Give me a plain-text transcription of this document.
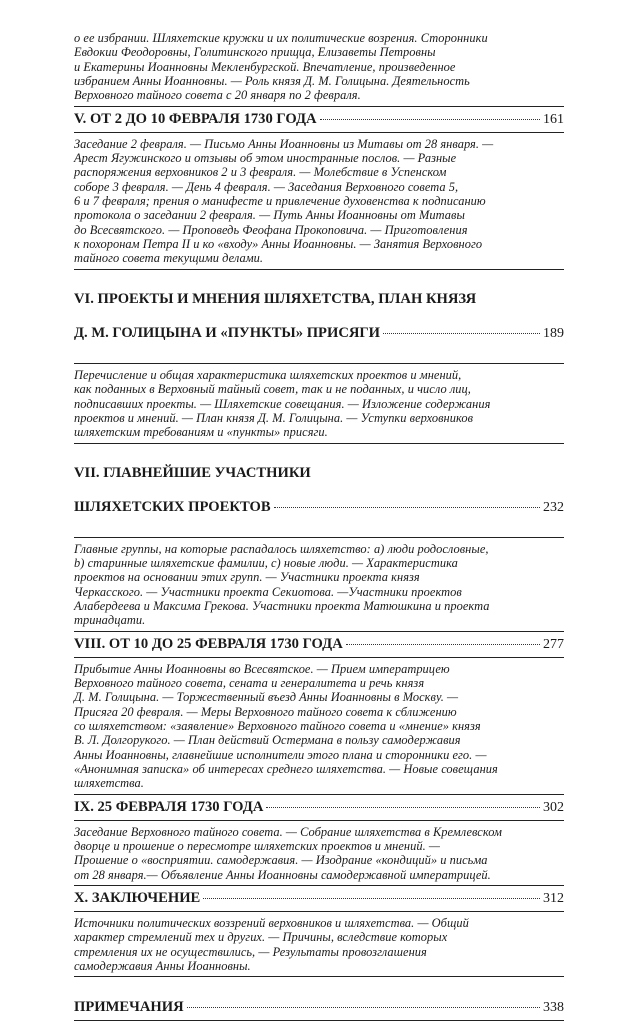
о ее избрании. Шляхетские кружки и их политические возрения. Сторонники
Евдокии Феодоровны, Голитинского прищца, Елизаветы Петровны
и Екатерины Иоанновны Мекленбургской. Впечатление, произведенное
избранием Анны Иоанновны. — Роль князя Д. М. Голицына. Деятельность
Верховного тайного совета с 20 января по 2 февраля.

V. ОТ 2 ДО 10 ФЕВРАЛЯ 1730 ГОДА	161

Заседание 2 февраля. — Письмо Анны Иоанновны из Митавы от 28 января. —
Арест Ягужинского и отзывы об этом иностранные послов. — Разные
распоряжения верховников 2 и 3 февраля. — Молебствие в Успенском
соборе 3 февраля. — День 4 февраля. — Заседания Верховного совета 5,
6 и 7 февраля; прения о манифесте и привлечение духовенства к подписанию
протокола о заседании 2 февраля. — Путь Анны Иоанновны от Митавы
до Всесвятского. — Проповедь Феофана Прокоповича. — Приготовления
к похоронам Петра II и ко «входу» Анны Иоанновны. — Занятия Верховного
тайного совета текущими делами.

VI. ПРОЕКТЫ И МНЕНИЯ ШЛЯХЕТСТВА, ПЛАН КНЯЗЯ

Д. М. ГОЛИЦЫНА И «ПУНКТЫ» ПРИСЯГИ	189

Перечисление и общая характеристика шляхетских проектов и мнений,
как поданных в Верховный тайный совет, так и не поданных, и число лиц,
подписавших проекты. — Шляхетские совещания. — Изложение содержания
проектов и мнений. — План князя Д. М. Голицына. — Уступки верховников
шляхетским требованиям и «пункты» присяги.

VII. ГЛАВНЕЙШИЕ УЧАСТНИКИ

ШЛЯХЕТСКИХ ПРОЕКТОВ	232

Главные группы, на которые распадалось шляхетство: а) люди родословные,
b) старинные шляхетские фамилии, с) новые люди. — Характеристика
проектов на основании этих групп. — Участники проекта князя
Черкасского. — Участники проекта Секиотова. —Участники проектов
Алабердеева и Максима Грекова. Участники проекта Матюшкина и проекта
тринадцати.

VIII. ОТ 10 ДО 25 ФЕВРАЛЯ 1730 ГОДА	277

Прибытие Анны Иоанновны во Всесвятское. — Прием императрицею
Верховного тайного совета, сената и генералитета и речь князя
Д. М. Голицына. — Торжественный въезд Анны Иоанновны в Москву. —
Присяга 20 февраля. — Меры Верховного тайного совета к сближению
со шляхетством: «заявление» Верховного тайного совета и «мнение» князя
В. Л. Долгорукого. — План действий Остермана в пользу самодержавия
Анны Иоанновны, главнейшие исполнители этого плана и сторонники его. —
«Анонимная записка» об интересах среднего шляхетства. — Новые совещания
шляхетства.

IX. 25 ФЕВРАЛЯ 1730 ГОДА	302

Заседание Верховного тайного совета. — Собрание шляхетства в Кремлевском
дворце и прошение о пересмотре шляхетских проектов и мнений. —
Прошение о «восприятии. самодержавия. — Изодрание «кондиций» и письма
от 28 января.— Объявление Анны Иоанновны самодержавной императрицей.

X. ЗАКЛЮЧЕНИЕ	312

Источники политических воззрений верховников и шляхетства. — Общий
характер стремлений тех и других. — Причины, вследствие которых
стремления их не осуществились, — Результаты провозглашения
самодержавия Анны Иоанновны.

ПРИМЕЧАНИЯ	338
